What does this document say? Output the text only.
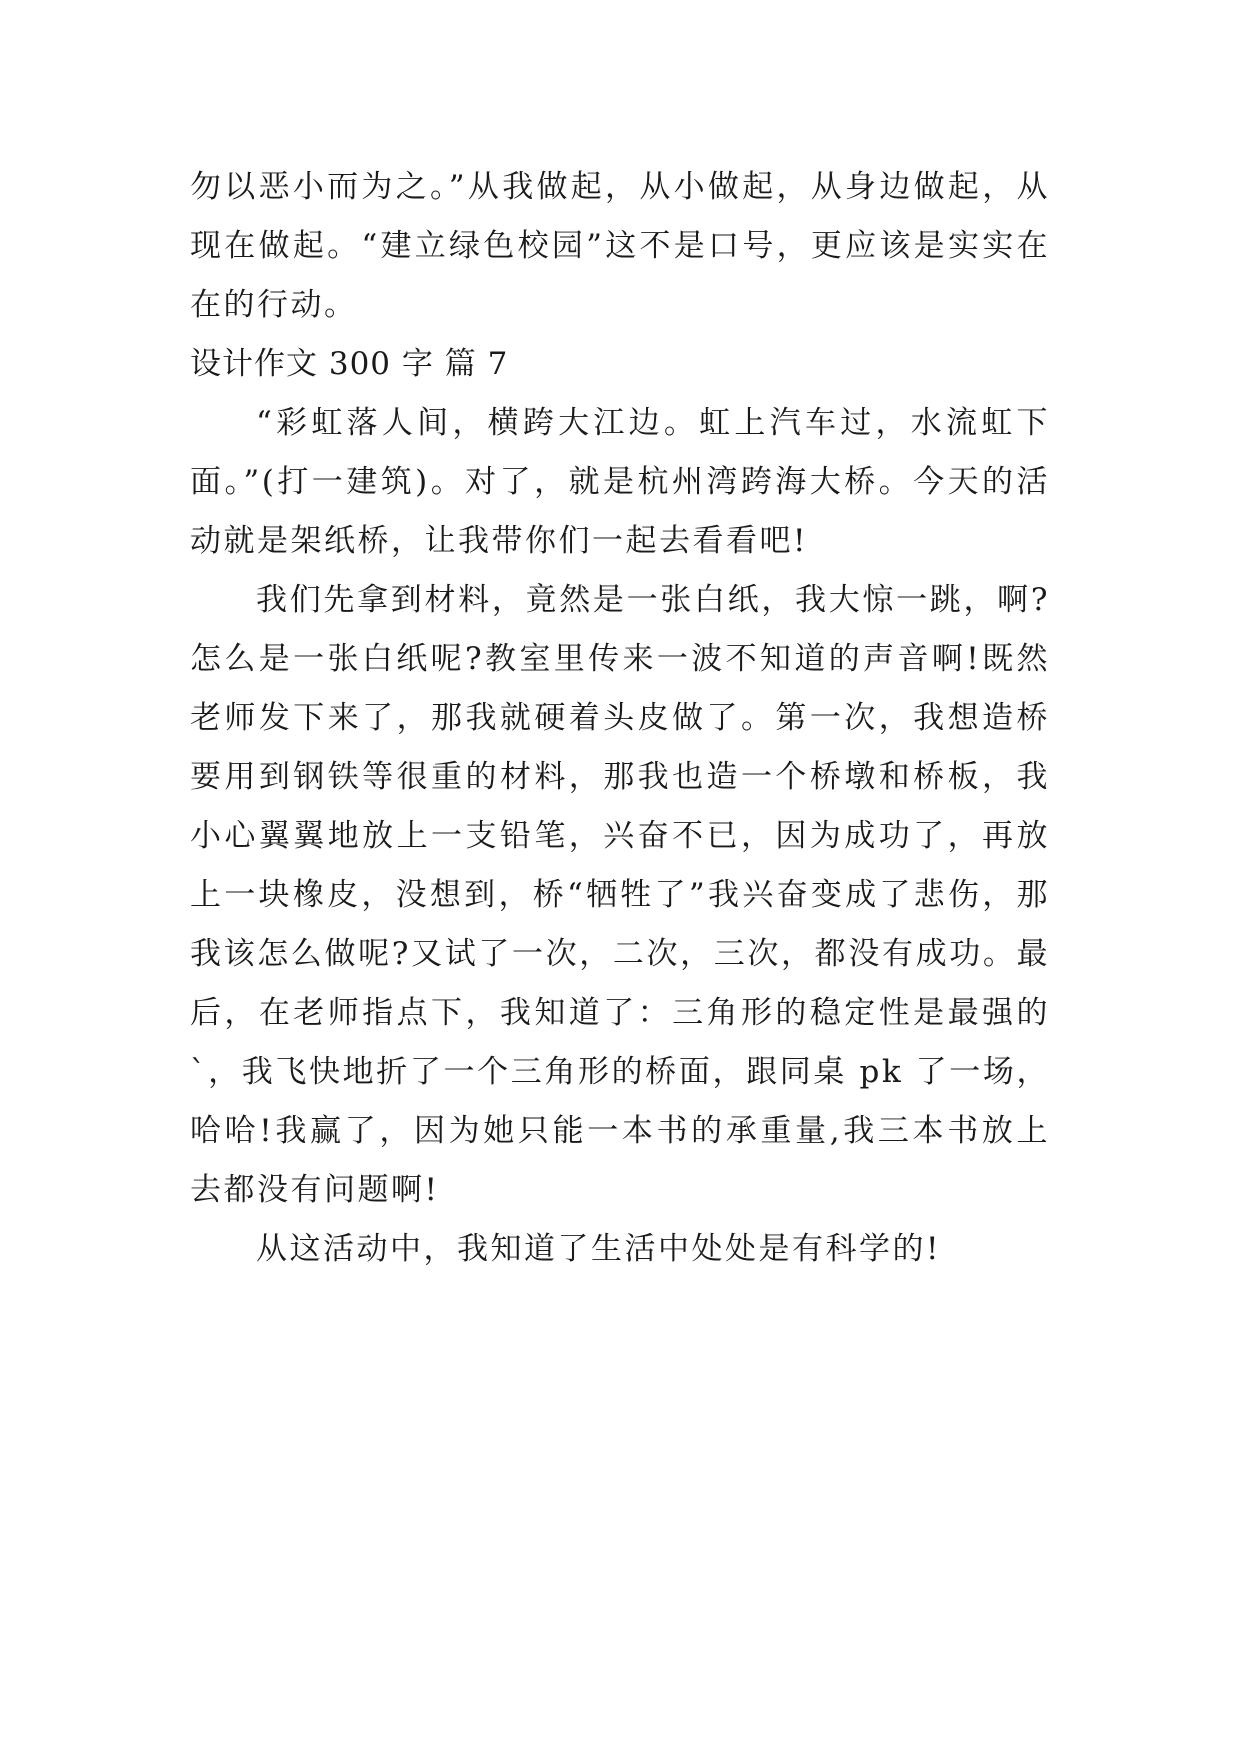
勿以恶小而为之。”从我做起，从小做起，从身边做起，从现在做起。“建立绿色校园”这不是口号，更应该是实实在在的行动。

设计作文 300 字 篇 7

“彩虹落人间，横跨大江边。虹上汽车过，水流虹下面。”(打一建筑)。对了，就是杭州湾跨海大桥。今天的活动就是架纸桥，让我带你们一起去看看吧!

我们先拿到材料，竟然是一张白纸，我大惊一跳，啊?怎么是一张白纸呢?教室里传来一波不知道的声音啊!既然老师发下来了，那我就硬着头皮做了。第一次，我想造桥要用到钢铁等很重的材料，那我也造一个桥墩和桥板，我小心翼翼地放上一支铅笔，兴奋不已，因为成功了，再放上一块橡皮，没想到，桥“牺牲了”我兴奋变成了悲伤，那我该怎么做呢?又试了一次，二次，三次，都没有成功。最后，在老师指点下，我知道了：三角形的稳定性是最强的`，我飞快地折了一个三角形的桥面，跟同桌 pk 了一场，哈哈!我赢了，因为她只能一本书的承重量,我三本书放上去都没有问题啊!

从这活动中，我知道了生活中处处是有科学的!
